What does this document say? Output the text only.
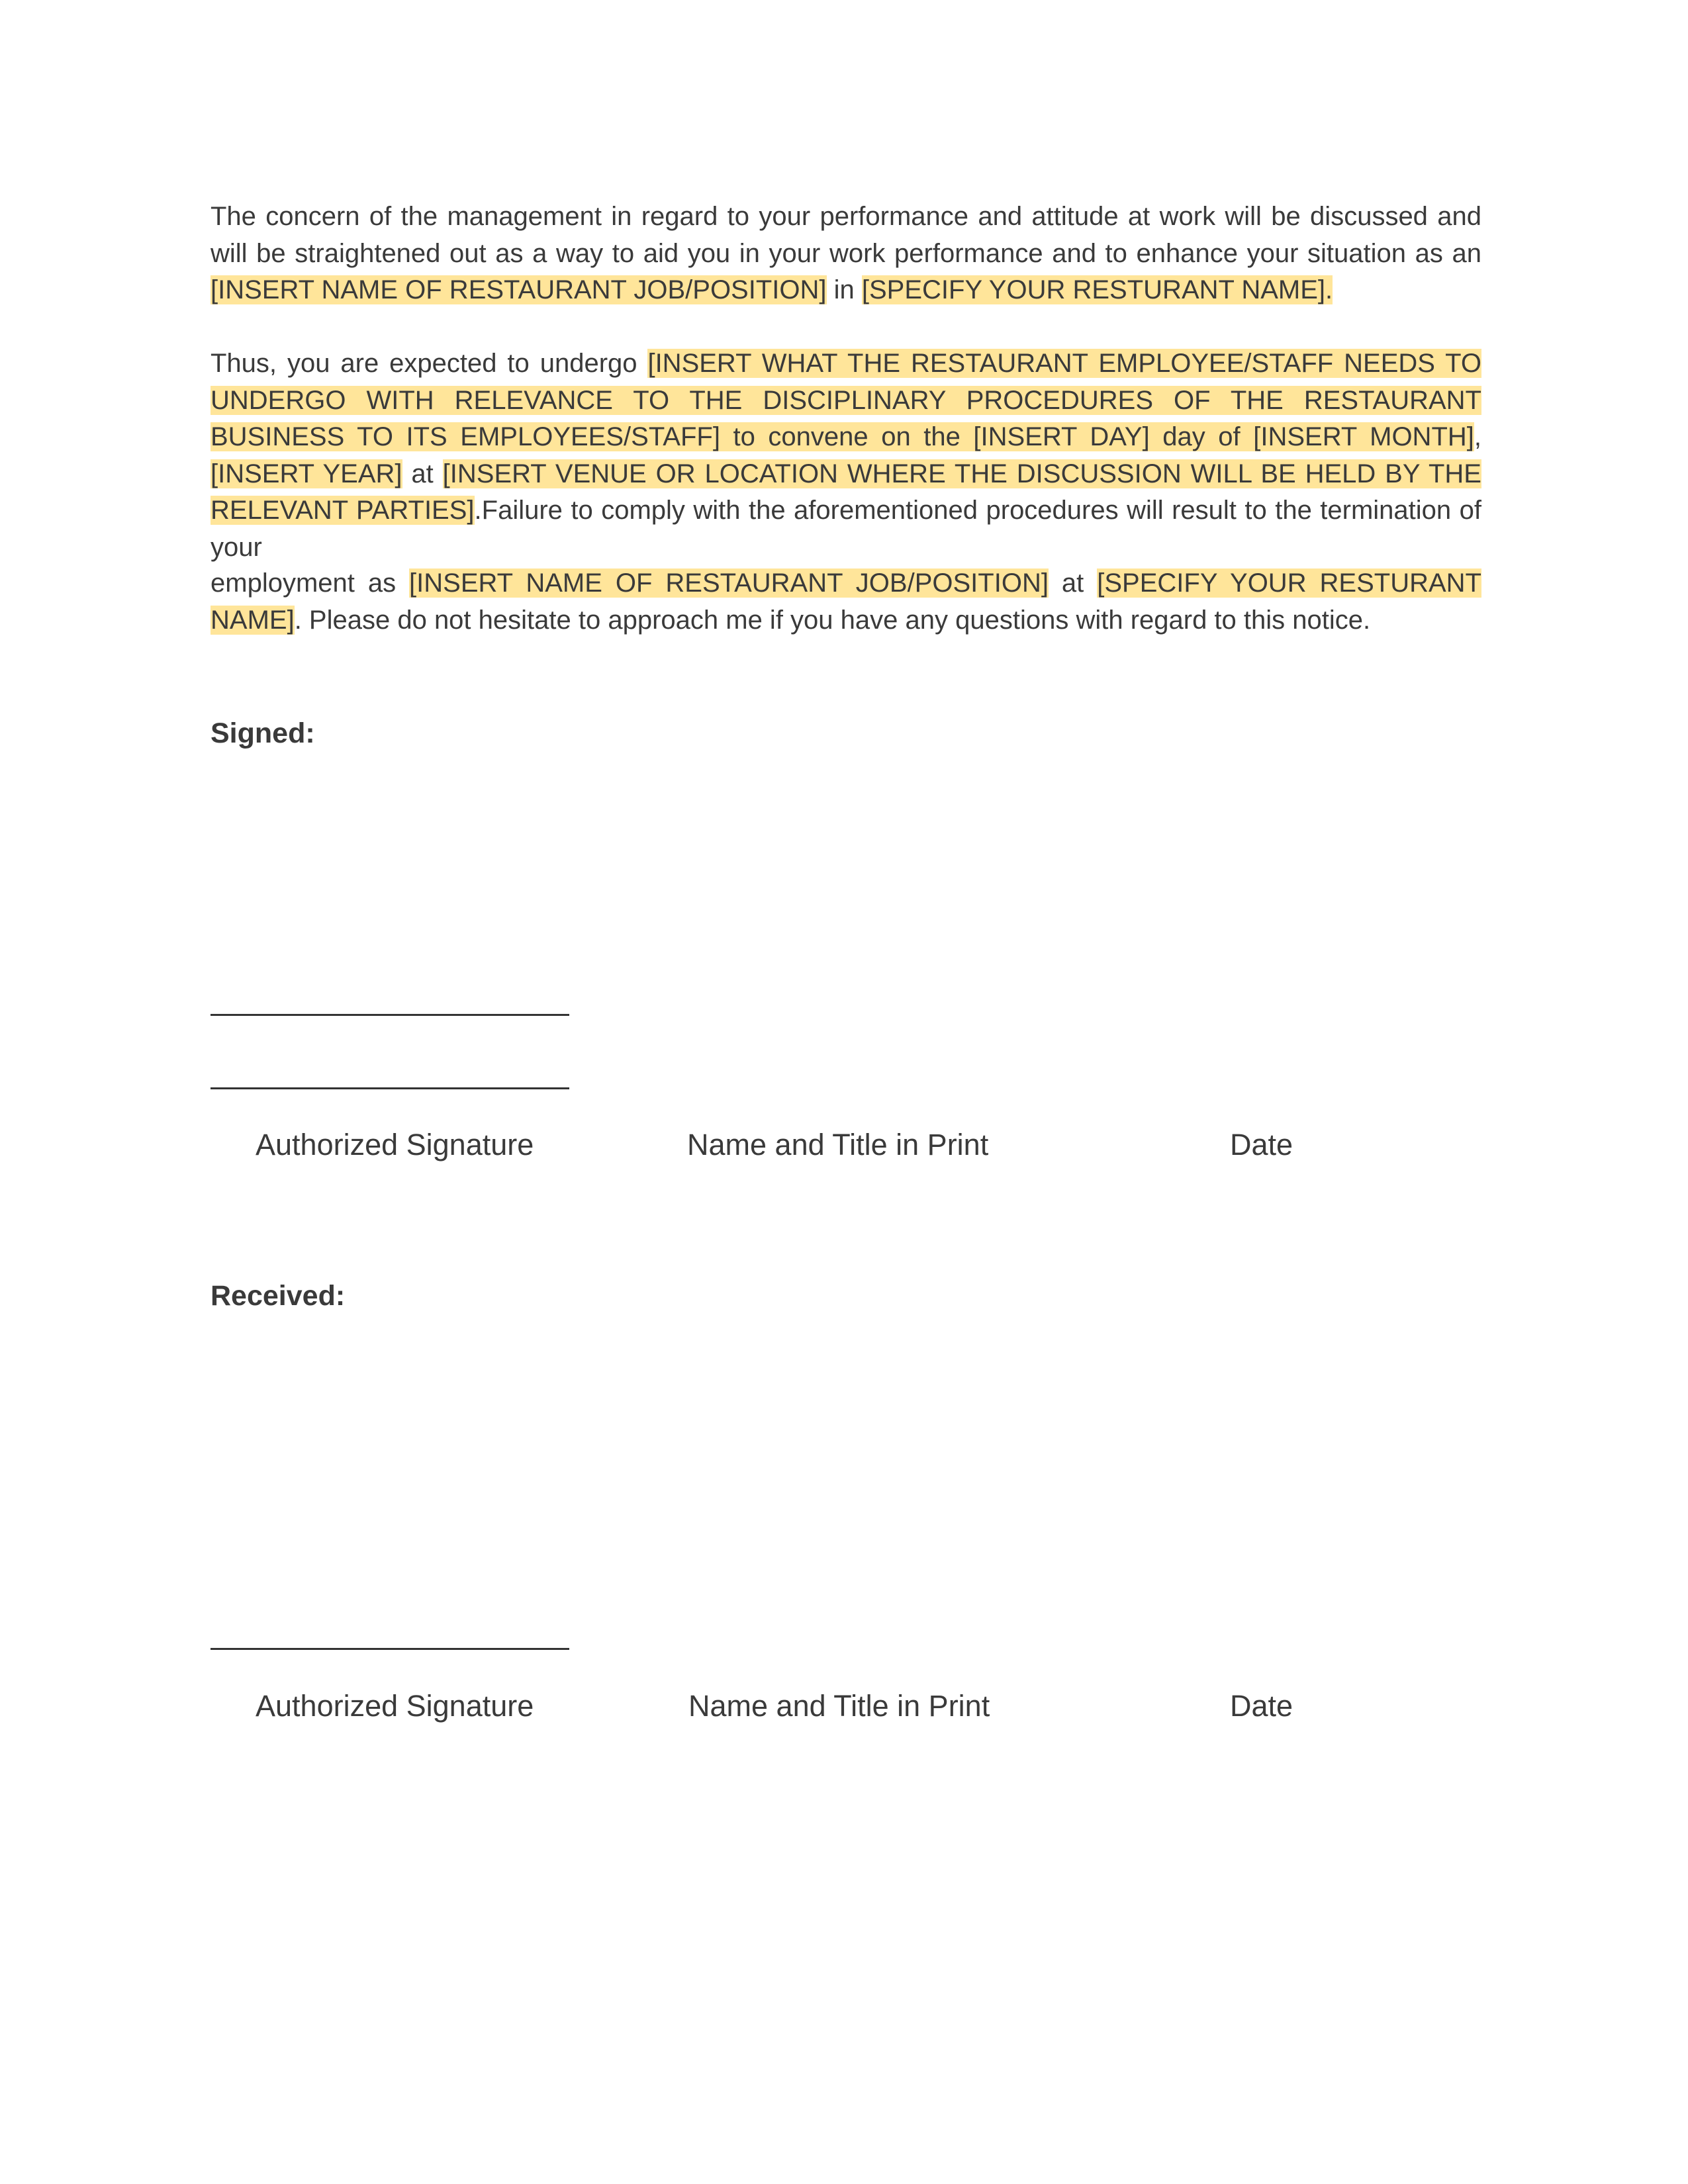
The concern of the management in regard to your performance and attitude at work will be discussed and will be straightened out as a way to aid you in your work performance and to enhance your situation as an [INSERT NAME OF RESTAURANT JOB/POSITION] in [SPECIFY YOUR RESTURANT NAME].

Thus, you are expected to undergo [INSERT WHAT THE RESTAURANT EMPLOYEE/STAFF NEEDS TO UNDERGO WITH RELEVANCE TO THE DISCIPLINARY PROCEDURES OF THE RESTAURANT BUSINESS TO ITS EMPLOYEES/STAFF] to convene on the [INSERT DAY] day of [INSERT MONTH], [INSERT YEAR] at [INSERT VENUE OR LOCATION WHERE THE DISCUSSION WILL BE HELD BY THE RELEVANT PARTIES].Failure to comply with the aforementioned procedures will result to the termination of your

employment as [INSERT NAME OF RESTAURANT JOB/POSITION] at [SPECIFY YOUR RESTURANT NAME]. Please do not hesitate to approach me if you have any questions with regard to this notice.

Signed:
Authorized Signature	Name and Title in Print	Date
Received:
Authorized Signature	Name and Title in Print	Date
